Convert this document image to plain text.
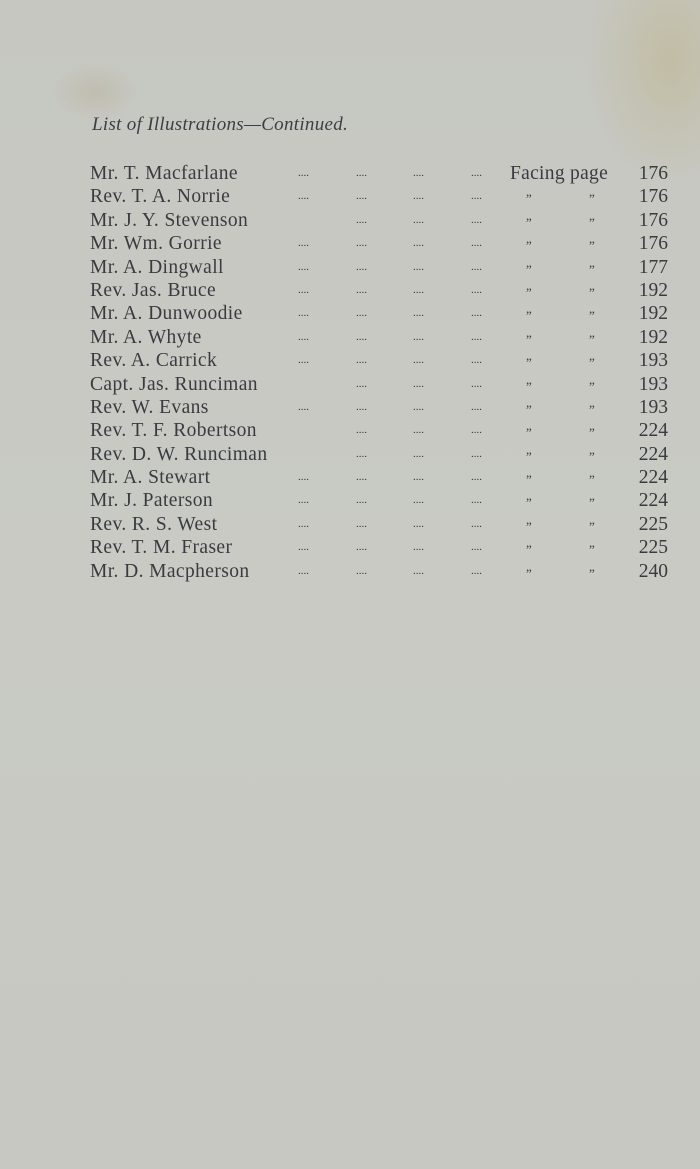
List of Illustrations—Continued.
Mr. T. Macfarlane	....	....	....	.... Facing page 176
Rev. T. A. Norrie	....	....	....	....	”	” 176
Mr. J. Y. Stevenson	....	....	....	”	” 176
Mr. Wm. Gorrie	....	....	....	....	”	” 176
Mr. A. Dingwall	....	....	....	....	”	” 177
Rev. Jas. Bruce	....	....	....	....	”	” 192
Mr. A. Dunwoodie	....	....	....	....	”	” 192
Mr. A. Whyte	....	....	....	....	”	” 192
Rev. A. Carrick	....	....	....	....	”	” 193
Capt. Jas. Runciman	....	....	....	”	” 193
Rev. W. Evans	....	....	....	....	”	” 193
Rev. T. F. Robertson	....	....	....	”	” 224
Rev. D. W. Runciman	....	....	....	”	” 224
Mr. A. Stewart	....	....	....	....	”	” 224
Mr. J. Paterson	....	....	....	....	”	” 224
Rev. R. S. West	....	....	....	....	”	” 225
Rev. T. M. Fraser	....	....	....	....	”	” 225
Mr. D. Macpherson	....	....	....	....	”	” 240
